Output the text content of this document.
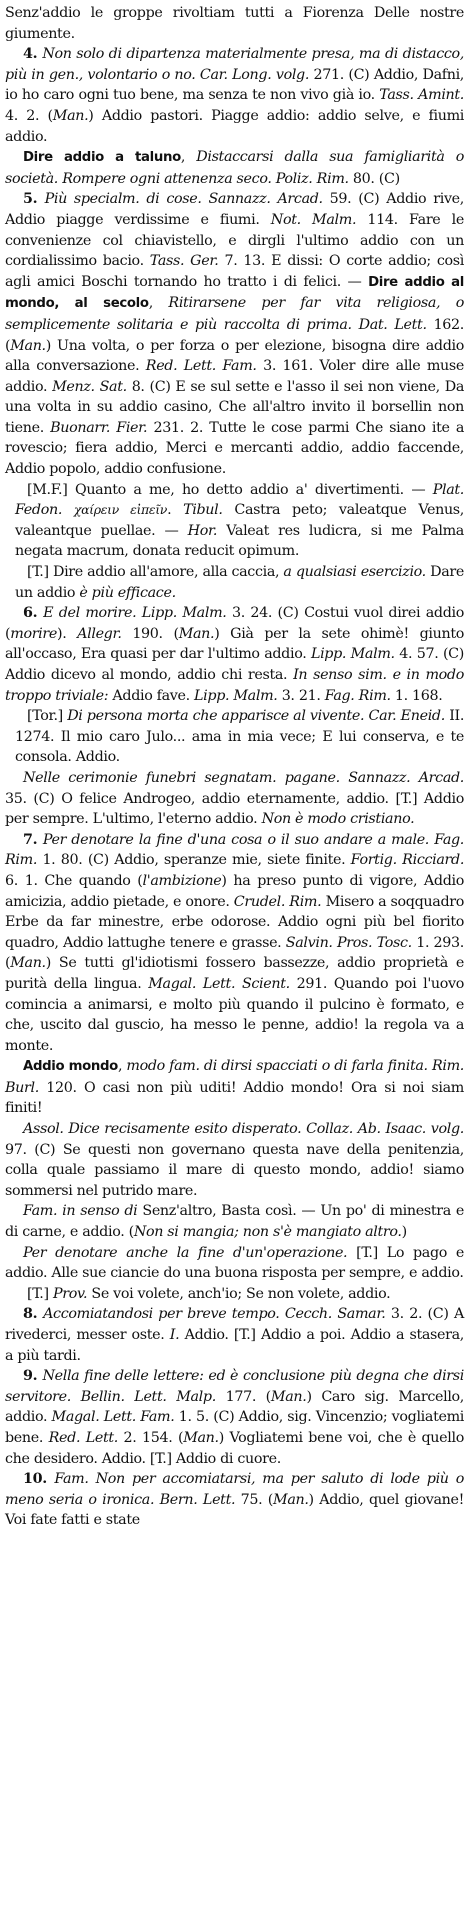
Senz'addio le groppe rivoltiam tutti a Fiorenza Delle nostre giumente.

4. Non solo di dipartenza materialmente presa, ma di distacco, più in gen., volontario o no. Car. Long. volg. 271. (C) Addio, Dafni, io ho caro ogni tuo bene, ma senza te non vivo già io. Tass. Amint. 4. 2. (Man.) Addio pastori. Piagge addio: addio selve, e fiumi addio.

Dire addio a taluno, Distaccarsi dalla sua famigliarità o società. Rompere ogni attenenza seco. Poliz. Rim. 80. (C)

5. Più specialm. di cose. Sannazz. Arcad. 59. (C) Addio rive, Addio piagge verdissime e fiumi. Not. Malm. 114. Fare le convenienze col chiavistello, e dirgli l'ultimo addio con un cordialissimo bacio. Tass. Ger. 7. 13. E dissi: O corte addio; così agli amici Boschi tornando ho tratto i di felici. — Dire addio al mondo, al secolo, Ritirarsene per far vita religiosa, o semplicemente solitaria e più raccolta di prima. Dat. Lett. 162. (Man.) Una volta, o per forza o per elezione, bisogna dire addio alla conversazione. Red. Lett. Fam. 3. 161. Voler dire alle muse addio. Menz. Sat. 8. (C) E se sul sette e l'asso il sei non viene, Da una volta in su addio casino, Che all'altro invito il borsellin non tiene. Buonarr. Fier. 231. 2. Tutte le cose parmi Che siano ite a rovescio; fiera addio, Merci e mercanti addio, addio faccende, Addio popolo, addio confusione.

[M.F.] Quanto a me, ho detto addio a' divertimenti. — Plat. Fedon. χαίρειν εἰπεῖν. Tibul. Castra peto; valeatque Venus, valeantque puellae. — Hor. Valeat res ludicra, si me Palma negata macrum, donata reducit opimum.

[T.] Dire addio all'amore, alla caccia, a qualsiasi esercizio. Dare un addio è più efficace.

6. E del morire. Lipp. Malm. 3. 24. (C) Costui vuol direi addio (morire). Allegr. 190. (Man.) Già per la sete ohimè! giunto all'occaso, Era quasi per dar l'ultimo addio. Lipp. Malm. 4. 57. (C) Addio dicevo al mondo, addio chi resta. In senso sim. e in modo troppo triviale: Addio fave. Lipp. Malm. 3. 21. Fag. Rim. 1. 168.

[Tor.] Di persona morta che apparisce al vivente. Car. Eneid. II. 1274. Il mio caro Julo... ama in mia vece; E lui conserva, e te consola. Addio.

Nelle cerimonie funebri segnatam. pagane. Sannazz. Arcad. 35. (C) O felice Androgeo, addio eternamente, addio. [T.] Addio per sempre. L'ultimo, l'eterno addio. Non è modo cristiano.

7. Per denotare la fine d'una cosa o il suo andare a male. Fag. Rim. 1. 80. (C) Addio, speranze mie, siete finite. Fortig. Ricciard. 6. 1. Che quando (l'ambizione) ha preso punto di vigore, Addio amicizia, addio pietade, e onore. Crudel. Rim. Misero a soqquadro Erbe da far minestre, erbe odorose. Addio ogni più bel fiorito quadro, Addio lattughe tenere e grasse. Salvin. Pros. Tosc. 1. 293. (Man.) Se tutti gl'idiotismi fossero bassezze, addio proprietà e purità della lingua. Magal. Lett. Scient. 291. Quando poi l'uovo comincia a animarsi, e molto più quando il pulcino è formato, e che, uscito dal guscio, ha messo le penne, addio! la regola va a monte.

Addio mondo, modo fam. di dirsi spacciati o di farla finita. Rim. Burl. 120. O casi non più uditi! Addio mondo! Ora si noi siam finiti!

Assol. Dice recisamente esito disperato. Collaz. Ab. Isaac. volg. 97. (C) Se questi non governano questa nave della penitenzia, colla quale passiamo il mare di questo mondo, addio! siamo sommersi nel putrido mare.

Fam. in senso di Senz'altro, Basta così. — Un po' di minestra e di carne, e addio. (Non si mangia; non s'è mangiato altro.)

Per denotare anche la fine d'un'operazione. [T.] Lo pago e addio. Alle sue ciancie do una buona risposta per sempre, e addio.

[T.] Prov. Se voi volete, anch'io; Se non volete, addio.

8. Accomiatandosi per breve tempo. Cecch. Samar. 3. 2. (C) A rivederci, messer oste. I. Addio. [T.] Addio a poi. Addio a stasera, a più tardi.

9. Nella fine delle lettere: ed è conclusione più degna che dirsi servitore. Bellin. Lett. Malp. 177. (Man.) Caro sig. Marcello, addio. Magal. Lett. Fam. 1. 5. (C) Addio, sig. Vincenzio; vogliatemi bene. Red. Lett. 2. 154. (Man.) Vogliatemi bene voi, che è quello che desidero. Addio. [T.] Addio di cuore.

10. Fam. Non per accomiatarsi, ma per saluto di lode più o meno seria o ironica. Bern. Lett. 75. (Man.) Addio, quel giovane! Voi fate fatti e state
